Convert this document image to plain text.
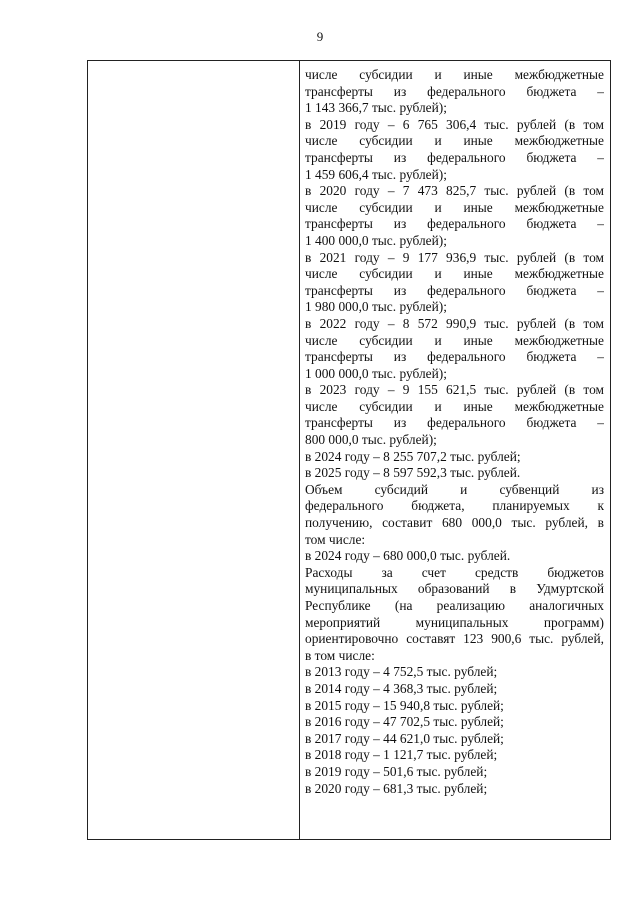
9
числе субсидии и иные межбюджетные
трансферты из федерального бюджета –
1 143 366,7 тыс. рублей);
в 2019 году – 6 765 306,4 тыс. рублей (в том
числе субсидии и иные межбюджетные
трансферты из федерального бюджета –
1 459 606,4 тыс. рублей);
в 2020 году – 7 473 825,7 тыс. рублей (в том
числе субсидии и иные межбюджетные
трансферты из федерального бюджета –
1 400 000,0 тыс. рублей);
в 2021 году – 9 177 936,9 тыс. рублей (в том
числе субсидии и иные межбюджетные
трансферты из федерального бюджета –
1 980 000,0 тыс. рублей);
в 2022 году – 8 572 990,9 тыс. рублей (в том
числе субсидии и иные межбюджетные
трансферты из федерального бюджета –
1 000 000,0 тыс. рублей);
в 2023 году – 9 155 621,5 тыс. рублей (в том
числе субсидии и иные межбюджетные
трансферты из федерального бюджета –
800 000,0 тыс. рублей);
в 2024 году – 8 255 707,2 тыс. рублей;
в 2025 году – 8 597 592,3 тыс. рублей.
Объем субсидий и субвенций из
федерального бюджета, планируемых к
получению, составит 680 000,0 тыс. рублей, в
том числе:
в 2024 году – 680 000,0 тыс. рублей.
Расходы за счет средств бюджетов
муниципальных образований в Удмуртской
Республике (на реализацию аналогичных
мероприятий муниципальных программ)
ориентировочно составят 123 900,6 тыс. рублей,
в том числе:
в 2013 году – 4 752,5 тыс. рублей;
в 2014 году – 4 368,3 тыс. рублей;
в 2015 году – 15 940,8 тыс. рублей;
в 2016 году – 47 702,5 тыс. рублей;
в 2017 году – 44 621,0 тыс. рублей;
в 2018 году – 1 121,7 тыс. рублей;
в 2019 году – 501,6 тыс. рублей;
в 2020 году – 681,3 тыс. рублей;
